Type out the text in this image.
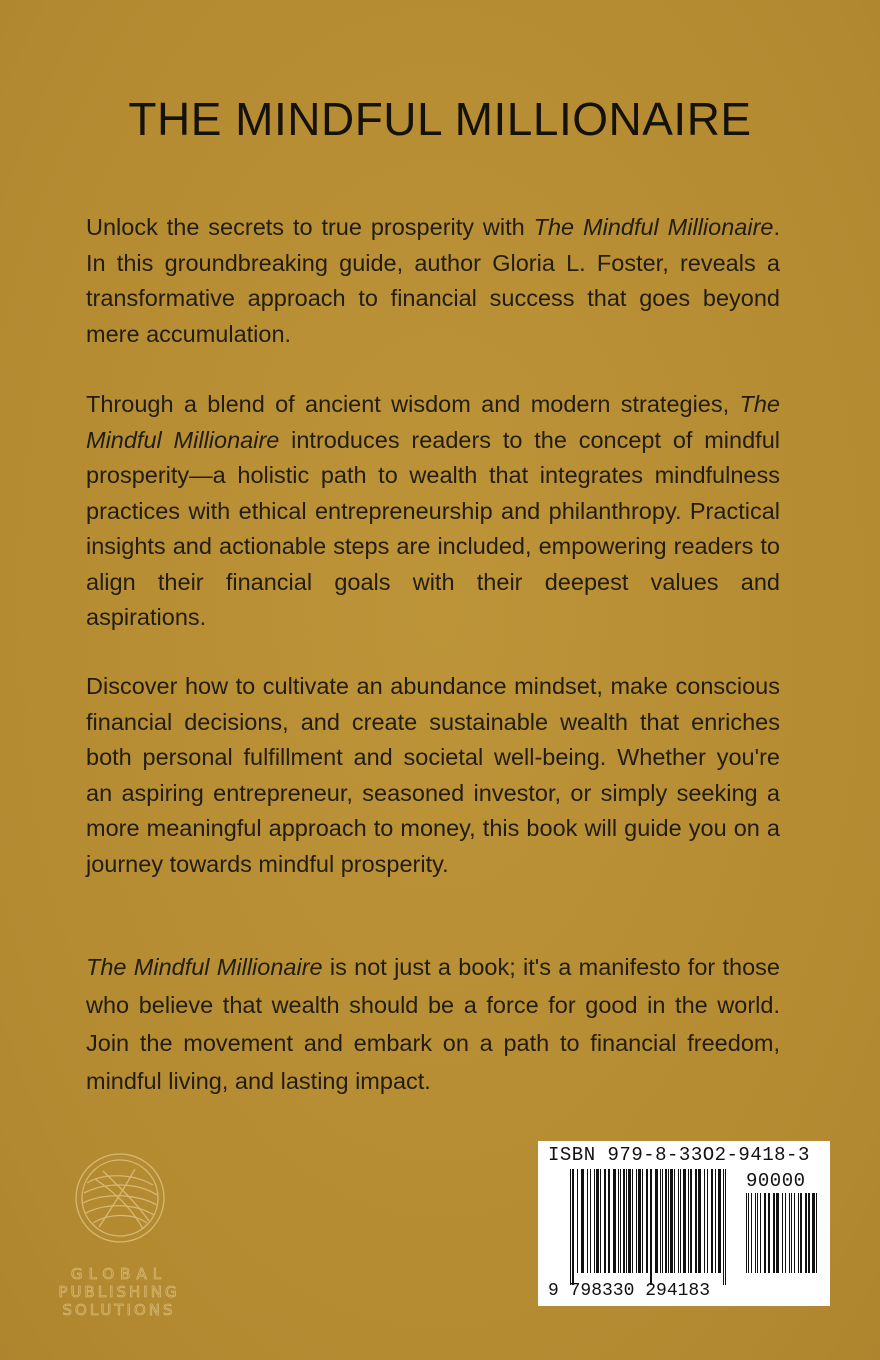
THE MINDFUL MILLIONAIRE

Unlock the secrets to true prosperity with The Mindful Millionaire. In this groundbreaking guide, author Gloria L. Foster, reveals a transformative approach to financial success that goes beyond mere accumulation.

Through a blend of ancient wisdom and modern strategies, The Mindful Millionaire introduces readers to the concept of mindful prosperity—a holistic path to wealth that integrates mindfulness practices with ethical entrepreneurship and philanthropy. Practical insights and actionable steps are included, empowering readers to align their financial goals with their deepest values and aspirations.

Discover how to cultivate an abundance mindset, make conscious financial decisions, and create sustainable wealth that enriches both personal fulfillment and societal well-being. Whether you're an aspiring entrepreneur, seasoned investor, or simply seeking a more meaningful approach to money, this book will guide you on a journey towards mindful prosperity.

The Mindful Millionaire is not just a book; it's a manifesto for those who believe that wealth should be a force for good in the world. Join the movement and embark on a path to financial freedom, mindful living, and lasting impact.

GLOBAL
PUBLISHING
SOLUTIONS
ISBN 979-8-33O2-9418-3
90000
9 798330 294183
